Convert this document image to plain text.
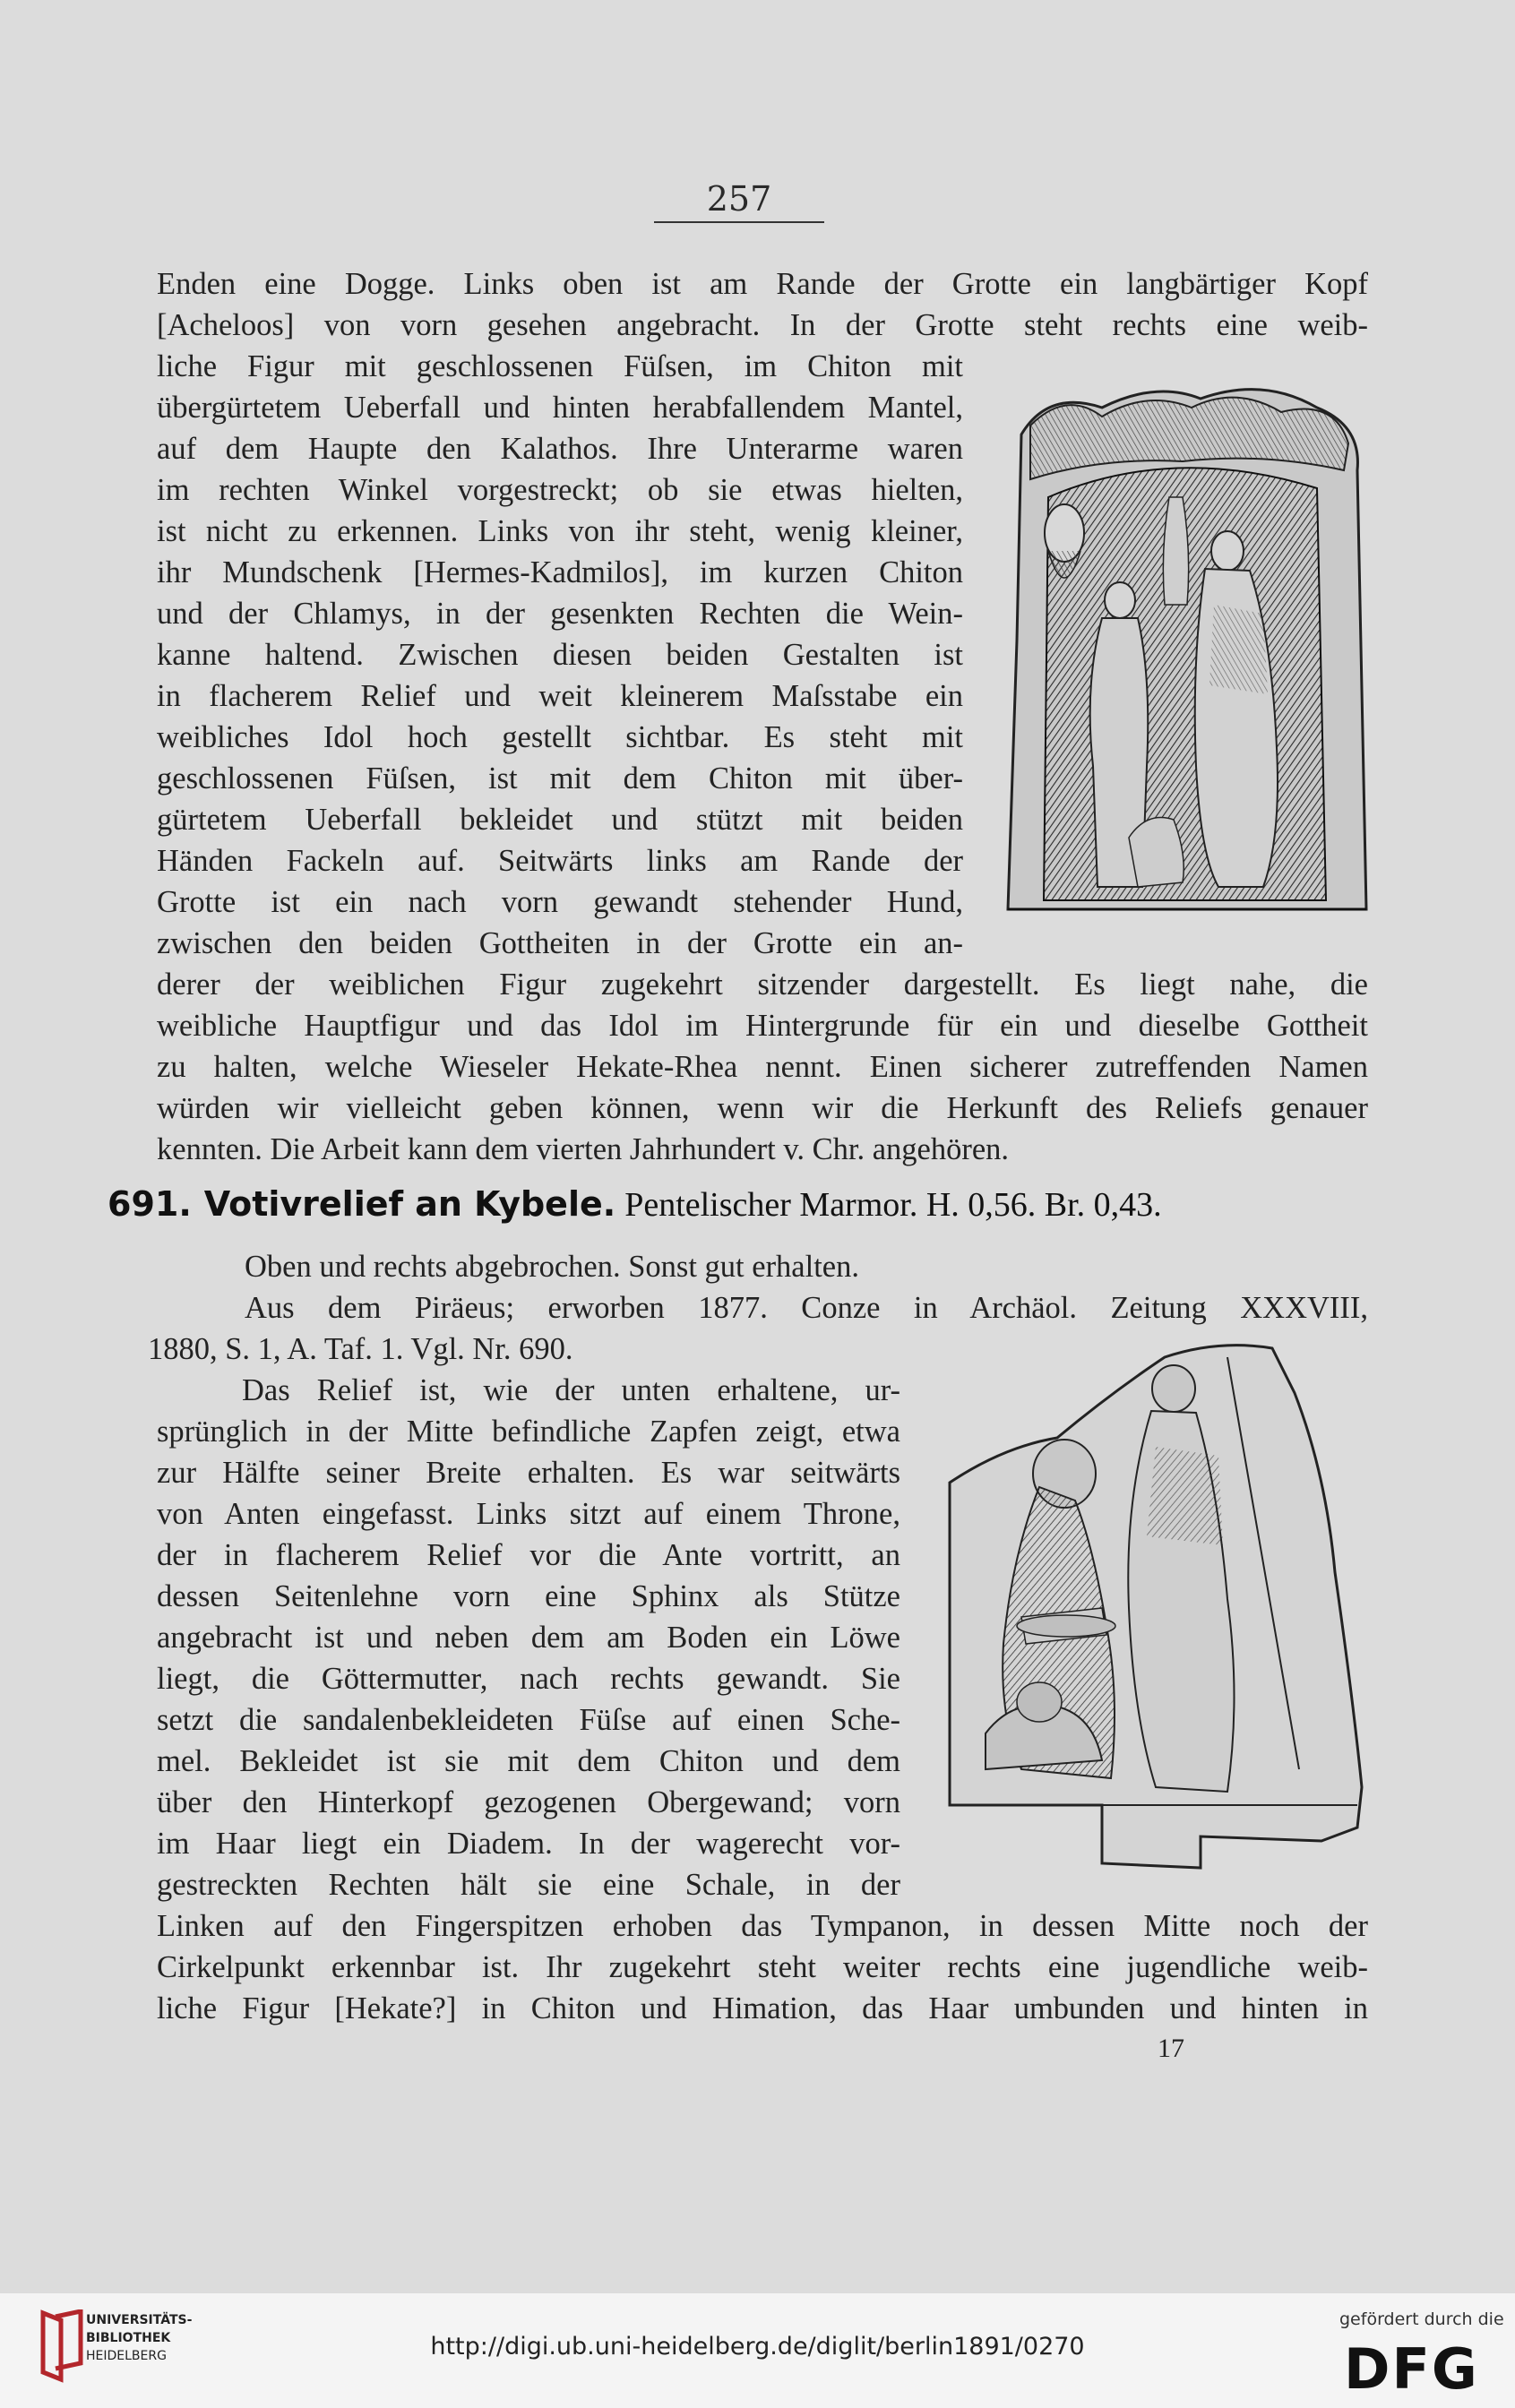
257
Enden eine Dogge. Links oben ist am Rande der Grotte ein langbärtiger Kopf
[Acheloos] von vorn gesehen angebracht. In der Grotte steht rechts eine weib-
liche Figur mit geschlossenen Füſsen, im Chiton mit
übergürtetem Ueberfall und hinten herabfallendem Mantel,
auf dem Haupte den Kalathos. Ihre Unterarme waren
im rechten Winkel vorgestreckt; ob sie etwas hielten,
ist nicht zu erkennen. Links von ihr steht, wenig kleiner,
ihr Mundschenk [Hermes-Kadmilos], im kurzen Chiton
und der Chlamys, in der gesenkten Rechten die Wein-
kanne haltend. Zwischen diesen beiden Gestalten ist
in flacherem Relief und weit kleinerem Maſsstabe ein
weibliches Idol hoch gestellt sichtbar. Es steht mit
geschlossenen Füſsen, ist mit dem Chiton mit über-
gürtetem Ueberfall bekleidet und stützt mit beiden
Händen Fackeln auf. Seitwärts links am Rande der
Grotte ist ein nach vorn gewandt stehender Hund,
zwischen den beiden Gottheiten in der Grotte ein an-
derer der weiblichen Figur zugekehrt sitzender dargestellt. Es liegt nahe, die
weibliche Hauptfigur und das Idol im Hintergrunde für ein und dieselbe Gottheit
zu halten, welche Wieseler Hekate-Rhea nennt. Einen sicherer zutreffenden Namen
würden wir vielleicht geben können, wenn wir die Herkunft des Reliefs genauer
kennten. Die Arbeit kann dem vierten Jahrhundert v. Chr. angehören.
691. Votivrelief an Kybele. Pentelischer Marmor. H. 0,56. Br. 0,43.
Oben und rechts abgebrochen. Sonst gut erhalten.
Aus dem Piräeus; erworben 1877. Conze in Archäol. Zeitung XXXVIII,
1880, S. 1, A. Taf. 1. Vgl. Nr. 690.
Das Relief ist, wie der unten erhaltene, ur-
sprünglich in der Mitte befindliche Zapfen zeigt, etwa
zur Hälfte seiner Breite erhalten. Es war seitwärts
von Anten eingefasst. Links sitzt auf einem Throne,
der in flacherem Relief vor die Ante vortritt, an
dessen Seitenlehne vorn eine Sphinx als Stütze
angebracht ist und neben dem am Boden ein Löwe
liegt, die Göttermutter, nach rechts gewandt. Sie
setzt die sandalenbekleideten Füſse auf einen Sche-
mel. Bekleidet ist sie mit dem Chiton und dem
über den Hinterkopf gezogenen Obergewand; vorn
im Haar liegt ein Diadem. In der wagerecht vor-
gestreckten Rechten hält sie eine Schale, in der
Linken auf den Fingerspitzen erhoben das Tympanon, in dessen Mitte noch der
Cirkelpunkt erkennbar ist. Ihr zugekehrt steht weiter rechts eine jugendliche weib-
liche Figur [Hekate?] in Chiton und Himation, das Haar umbunden und hinten in
17
UNIVERSITÄTS-
BIBLIOTHEK
HEIDELBERG	http://digi.ub.uni-heidelberg.de/diglit/berlin1891/0270
gefördert durch die
DFG
